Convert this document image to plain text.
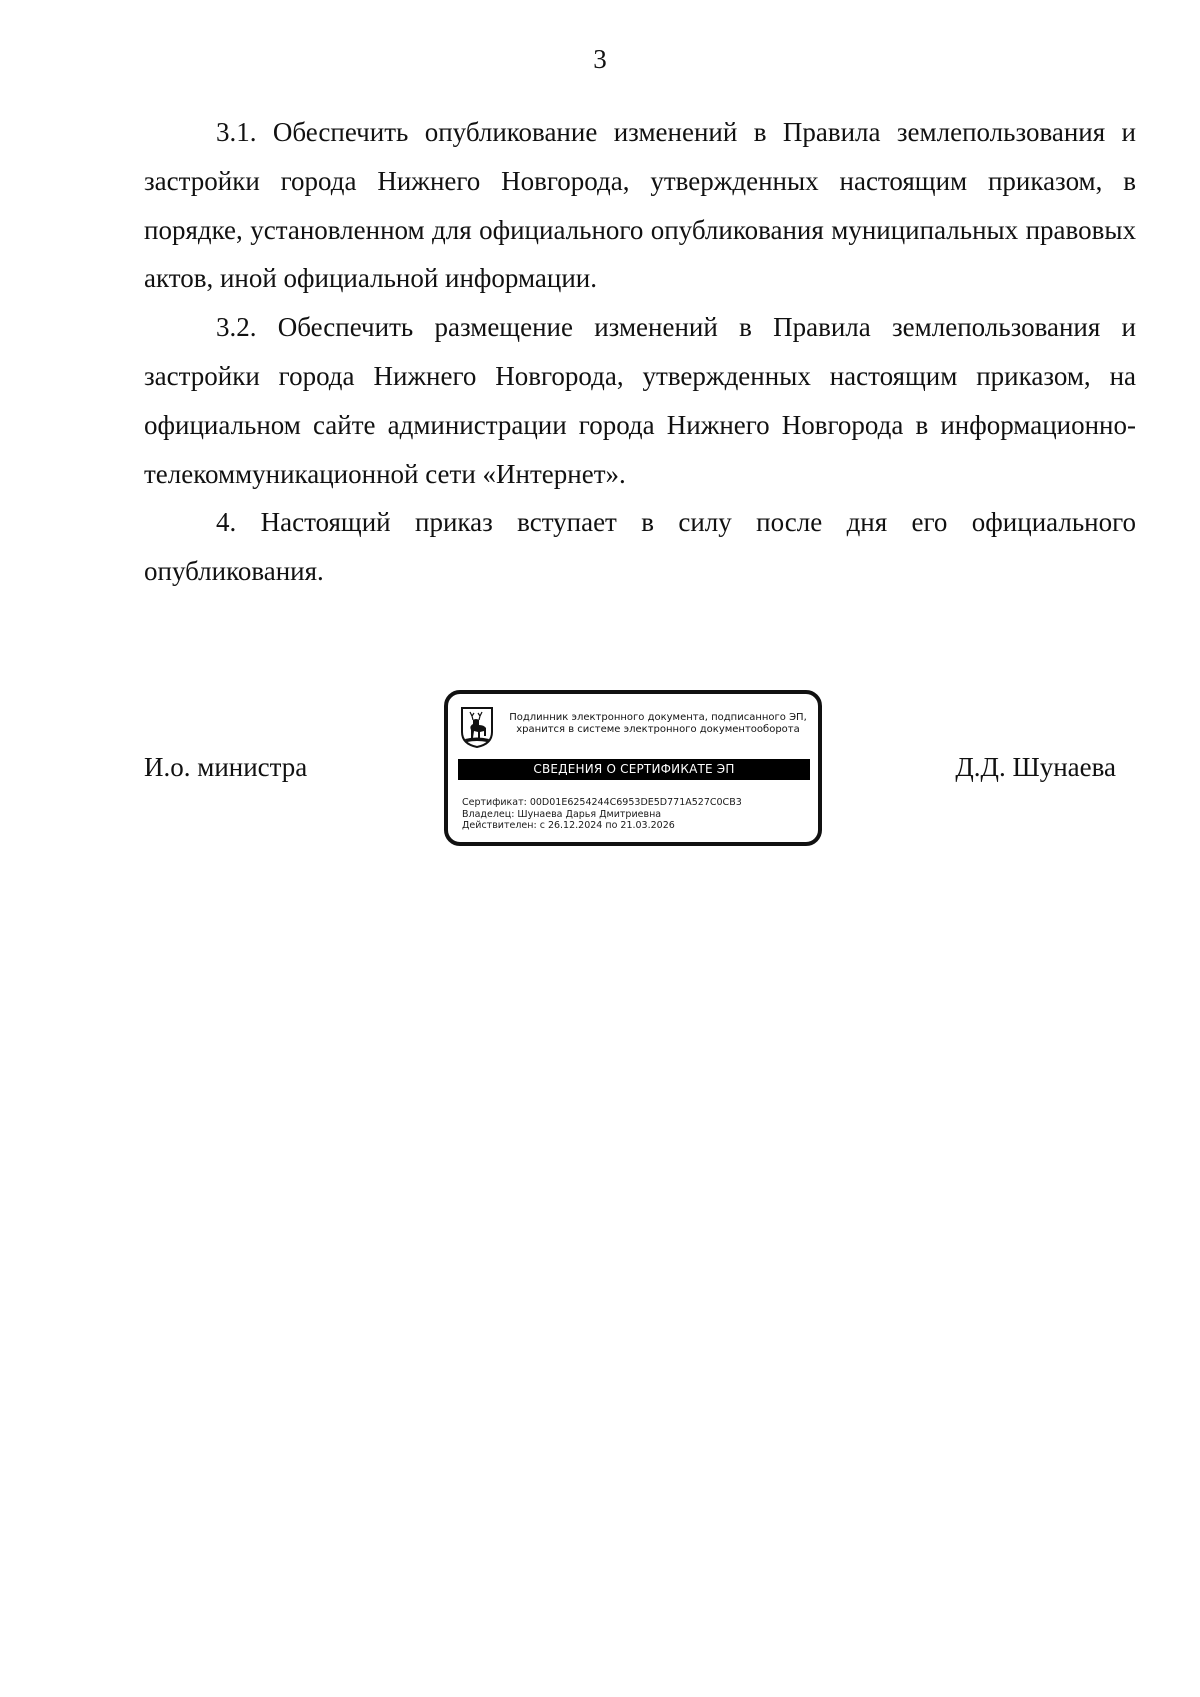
3

3.1. Обеспечить опубликование изменений в Правила землепользования и застройки города Нижнего Новгорода, утвержденных настоящим приказом, в порядке, установленном для официального опубликования муниципальных правовых актов, иной официальной информации.

3.2. Обеспечить размещение изменений в Правила землепользования и застройки города Нижнего Новгорода, утвержденных настоящим приказом, на официальном сайте администрации города Нижнего Новгорода в информационно-телекоммуникационной сети «Интернет».

4. Настоящий приказ вступает в силу после дня его официального опубликования.

И.о. министра
Подлинник электронного документа, подписанного ЭП,
хранится в системе электронного документооборота
СВЕДЕНИЯ О СЕРТИФИКАТЕ ЭП
Сертификат: 00D01E6254244C6953DE5D771A527C0CB3
Владелец: Шунаева Дарья Дмитриевна
Действителен: с 26.12.2024 по 21.03.2026
Д.Д. Шунаева
